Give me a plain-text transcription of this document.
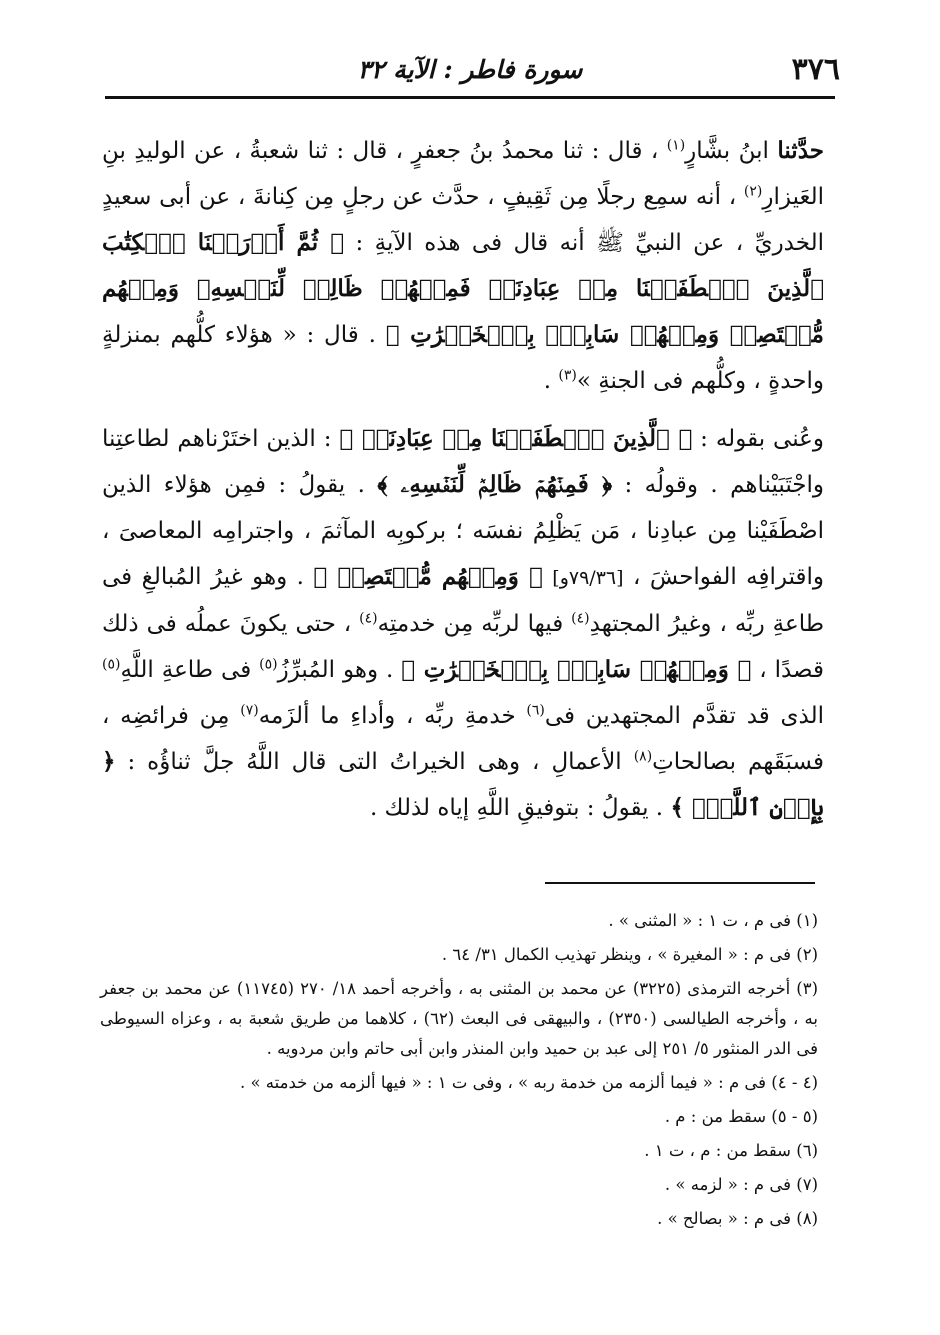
٣٧٦
سورة فاطر : الآية ٣٢

حدَّثنا ابنُ بشَّارٍ$^{(١)}$ ، قال : ثنا محمدُ بنُ جعفرٍ ، قال : ثنا شعبةُ ، عن الوليدِ بنِ العَيزارِ$^{(٢)}$ ، أنه سمِع رجلًا مِن ثَقِيفٍ ، حدَّث عن رجلٍ مِن كِنانةَ ، عن أبى سعيدٍ الخدريِّ ، عن النبيِّ ﷺ أنه قال فى هذه الآيةِ : ﴿ ثُمَّ أَوۡرَثۡنَا ٱلۡكِتَٰبَ ٱلَّذِينَ ٱصۡطَفَيۡنَا مِنۡ عِبَادِنَاۖ فَمِنۡهُمۡ ظَالِمٞ لِّنَفۡسِهِۦ وَمِنۡهُم مُّقۡتَصِدٞ وَمِنۡهُمۡ سَابِقُۢ بِٱلۡخَيۡرَٰتِ ﴾ . قال : « هؤلاء كلُّهم بمنزلةٍ واحدةٍ ، وكلُّهم فى الجنةِ »$^{(٣)}$ .

وعُنى بقوله : ﴿ ٱلَّذِينَ ٱصۡطَفَيۡنَا مِنۡ عِبَادِنَاۖ ﴾ : الذين اختَرْناهم لطاعتِنا واجْتَبَيْناهم . وقولُه : ﴿ فَمِنۡهُمۡ ظَالِمٞ لِّنَفۡسِهِۦ ﴾ . يقولُ : فمِن هؤلاء الذين اصْطَفَيْنا مِن عبادِنا ، مَن يَظْلِمُ نفسَه ؛ بركوبِه المآثمَ ، واجترامِه المعاصىَ ، واقترافِه الفواحشَ ، [٧٩/٣٦و] ﴿ وَمِنۡهُم مُّقۡتَصِدٞ ﴾ . وهو غيرُ المُبالغِ فى طاعةِ ربِّه ، وغيرُ المجتهدِ$^{(٤)}$ فيها لربِّه مِن خدمتِه$^{(٤)}$ ، حتى يكونَ عملُه فى ذلك قصدًا ، ﴿ وَمِنۡهُمۡ سَابِقُۢ بِٱلۡخَيۡرَٰتِ ﴾ . وهو المُبرِّزُ$^{(٥)}$ فى طاعةِ اللَّهِ$^{(٥)}$ الذى قد تقدَّم المجتهدين فى$^{(٦)}$ خدمةِ ربِّه ، وأداءِ ما ألزَمه$^{(٧)}$ مِن فرائضِه ، فسبَقَهم بصالحاتِ$^{(٨)}$ الأعمالِ ، وهى الخيراتُ التى قال اللَّهُ جلَّ ثناؤُه : ﴿ بِإِذۡنِ ٱللَّهِۚ ﴾ . يقولُ : بتوفيقِ اللَّهِ إياه لذلك .

(١) فى م ، ت ١ : « المثنى » .

(٢) فى م : « المغيرة » ، وينظر تهذيب الكمال ٣١/ ٦٤ .

(٣) أخرجه الترمذى (٣٢٢٥) عن محمد بن المثنى به ، وأخرجه أحمد ١٨/ ٢٧٠ (١١٧٤٥) عن محمد بن جعفر به ، وأخرجه الطيالسى (٢٣٥٠) ، والبيهقى فى البعث (٦٢) ، كلاهما من طريق شعبة به ، وعزاه السيوطى فى الدر المنثور ٥/ ٢٥١ إلى عبد بن حميد وابن المنذر وابن أبى حاتم وابن مردويه .

(٤ - ٤) فى م : « فيما ألزمه من خدمة ربه » ، وفى ت ١ : « فيها ألزمه من خدمته » .

(٥ - ٥) سقط من : م .

(٦) سقط من : م ، ت ١ .

(٧) فى م : « لزمه » .

(٨) فى م : « بصالح » .
